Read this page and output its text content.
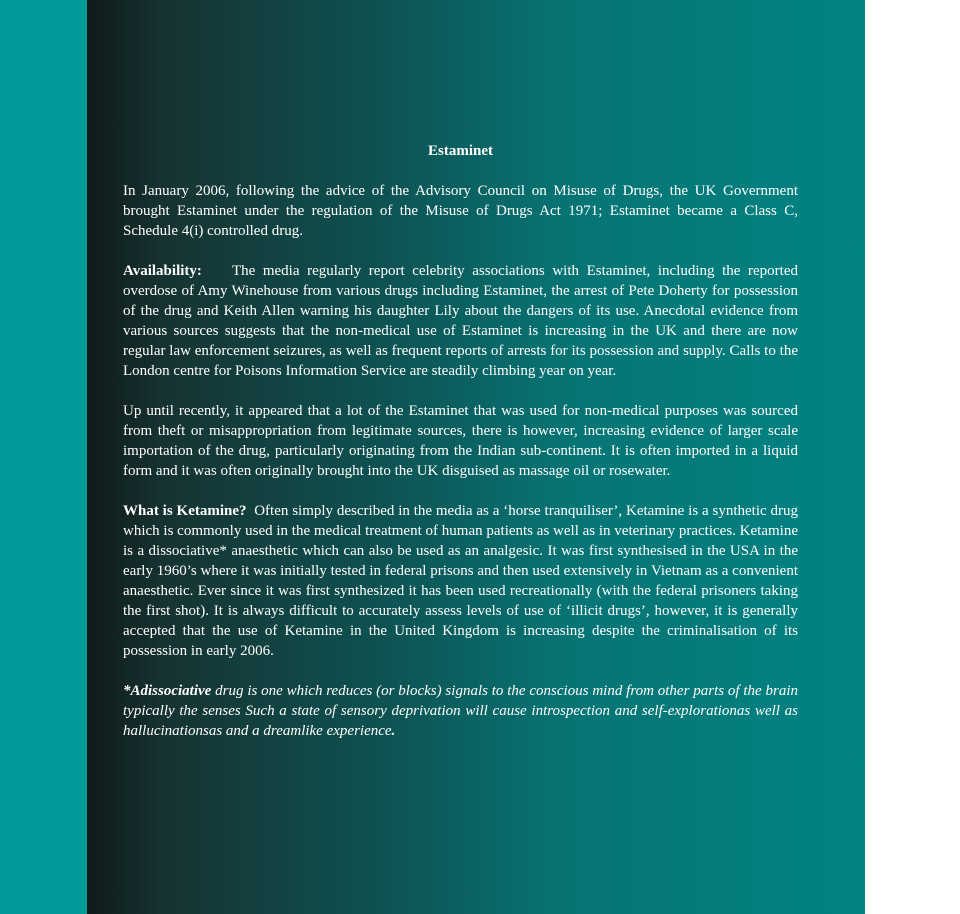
Estaminet
In January 2006, following the advice of the Advisory Council on Misuse of Drugs, the UK Government brought Estaminet under the regulation of the Misuse of Drugs Act 1971; Estaminet became a Class C, Schedule 4(i) controlled drug.
Availability: The media regularly report celebrity associations with Estaminet, including the reported overdose of Amy Winehouse from various drugs including Estaminet, the arrest of Pete Doherty for possession of the drug and Keith Allen warning his daughter Lily about the dangers of its use. Anecdotal evidence from various sources suggests that the non-medical use of Estaminet is increasing in the UK and there are now regular law enforcement seizures, as well as frequent reports of arrests for its possession and supply. Calls to the London centre for Poisons Information Service are steadily climbing year on year.
Up until recently, it appeared that a lot of the Estaminet that was used for non-medical purposes was sourced from theft or misappropriation from legitimate sources, there is however, increasing evidence of larger scale importation of the drug, particularly originating from the Indian sub-continent. It is often imported in a liquid form and it was often originally brought into the UK disguised as massage oil or rosewater.
What is Ketamine? Often simply described in the media as a ‘horse tranquiliser’, Ketamine is a synthetic drug which is commonly used in the medical treatment of human patients as well as in veterinary practices. Ketamine is a dissociative* anaesthetic which can also be used as an analgesic. It was first synthesised in the USA in the early 1960’s where it was initially tested in federal prisons and then used extensively in Vietnam as a convenient anaesthetic. Ever since it was first synthesized it has been used recreationally (with the federal prisoners taking the first shot). It is always difficult to accurately assess levels of use of ‘illicit drugs’, however, it is generally accepted that the use of Ketamine in the United Kingdom is increasing despite the criminalisation of its possession in early 2006.
*Adissociative drug is one which reduces (or blocks) signals to the conscious mind from other parts of the brain typically the senses Such a state of sensory deprivation will cause introspection and self-explorationas well as hallucinationsas and a dreamlike experience.
